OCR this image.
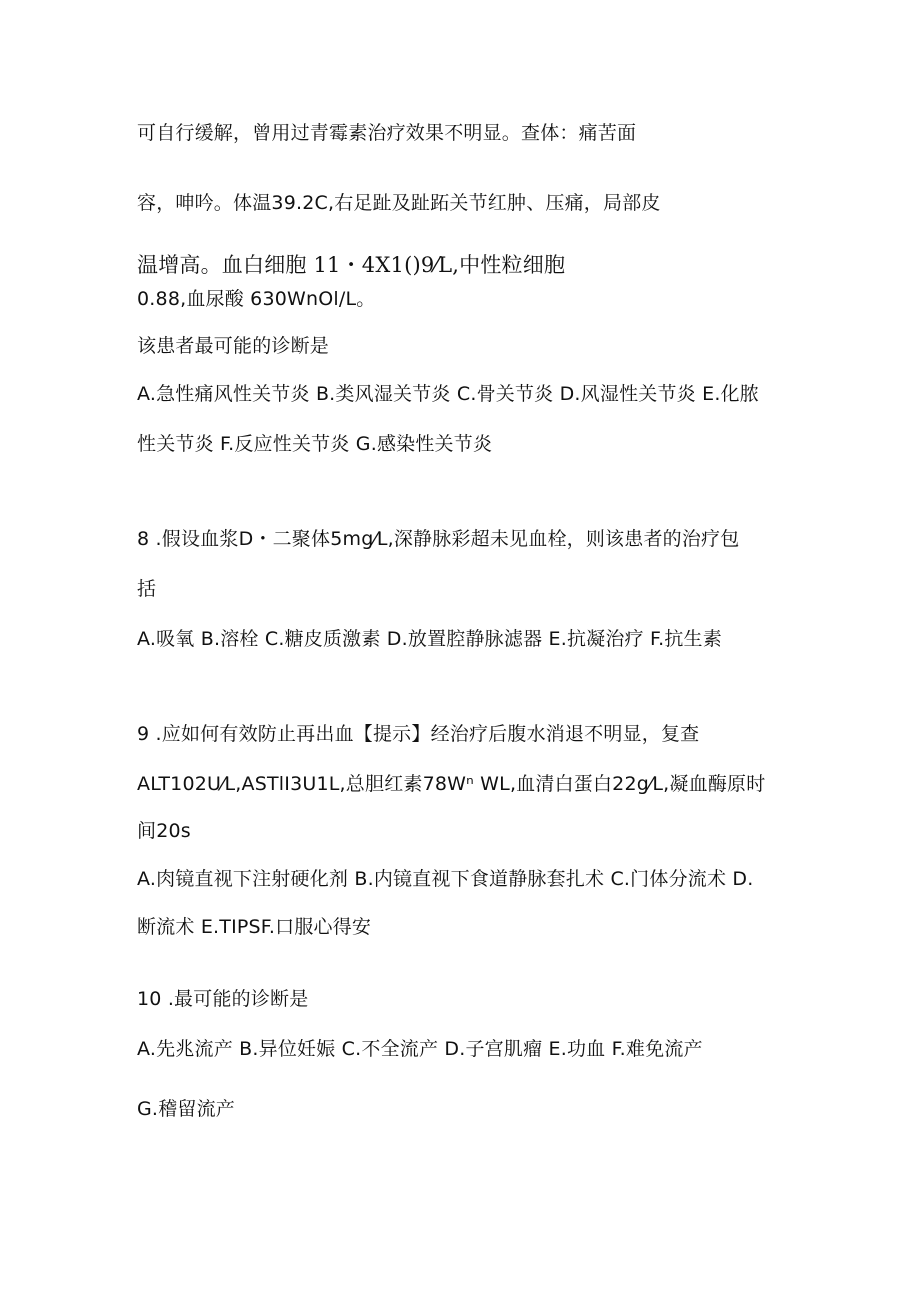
可自行缓解，曾用过青霉素治疗效果不明显。查体：痛苦面
容，呻吟。体温39.2C,右足趾及趾跖关节红肿、压痛，局部皮
温增高。血白细胞 11・4X1()9⁄L,中性粒细胞
0.88,血尿酸 630WnOl/L。
该患者最可能的诊断是
A.急性痛风性关节炎 B.类风湿关节炎 C.骨关节炎 D.风湿性关节炎 E.化脓
性关节炎 F.反应性关节炎 G.感染性关节炎
8 .假设血浆D・二聚体5mg⁄L,深静脉彩超未见血栓，则该患者的治疗包
括
A.吸氧 B.溶栓 C.糖皮质激素 D.放置腔静脉滤器 E.抗凝治疗 F.抗生素
9 .应如何有效防止再出血【提示】经治疗后腹水消退不明显，复查
ALT102U⁄L,ASTlI3U1L,总胆红素78Wⁿ WL,血清白蛋白22g⁄L,凝血酶原时
间20s
A.肉镜直视下注射硬化剂 B.内镜直视下食道静脉套扎术 C.门体分流术 D.
断流术 E.TIPSF.口服心得安
10 .最可能的诊断是
A.先兆流产 B.异位妊娠 C.不全流产 D.子宫肌瘤 E.功血 F.难免流产
G.稽留流产
